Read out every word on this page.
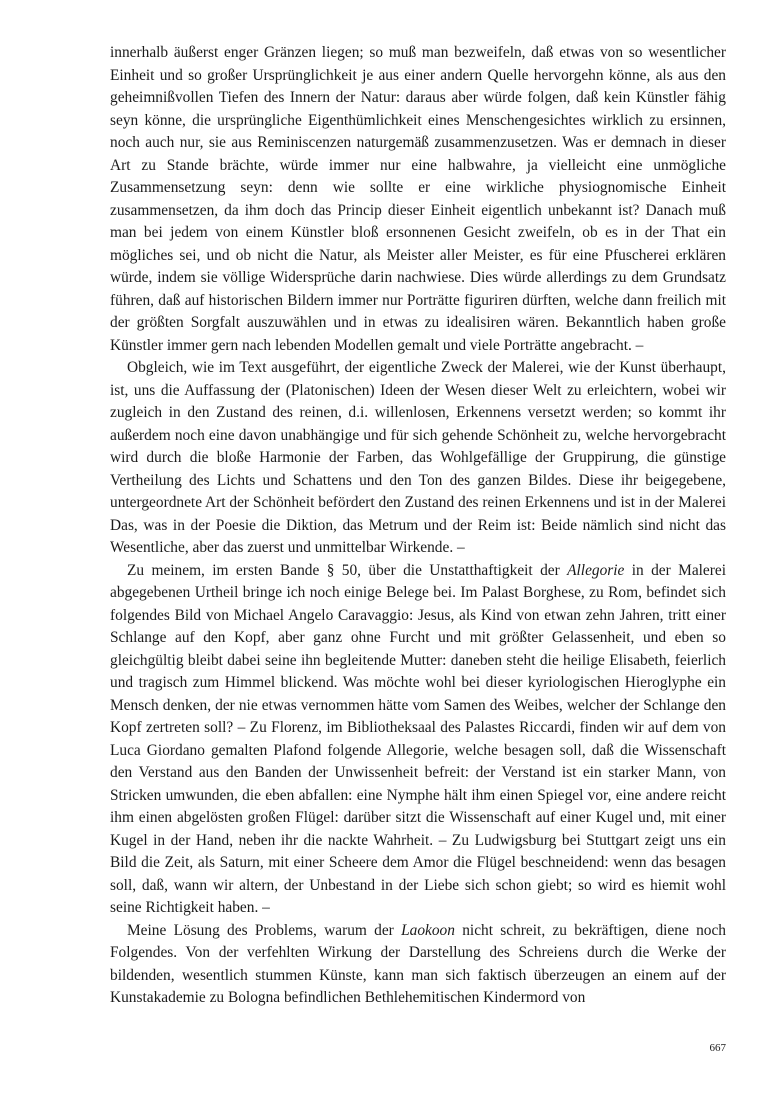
innerhalb äußerst enger Gränzen liegen; so muß man bezweifeln, daß etwas von so wesentlicher Einheit und so großer Ursprünglichkeit je aus einer andern Quelle hervorgehn könne, als aus den geheimnißvollen Tiefen des Innern der Natur: daraus aber würde folgen, daß kein Künstler fähig seyn könne, die ursprüngliche Eigenthümlichkeit eines Menschengesichtes wirklich zu ersinnen, noch auch nur, sie aus Reminiscenzen naturgemäß zusammenzusetzen. Was er demnach in dieser Art zu Stande brächte, würde immer nur eine halbwahre, ja vielleicht eine unmögliche Zusammensetzung seyn: denn wie sollte er eine wirkliche physiognomische Einheit zusammensetzen, da ihm doch das Princip dieser Einheit eigentlich unbekannt ist? Danach muß man bei jedem von einem Künstler bloß ersonnenen Gesicht zweifeln, ob es in der That ein mögliches sei, und ob nicht die Natur, als Meister aller Meister, es für eine Pfuscherei erklären würde, indem sie völlige Widersprüche darin nachwiese. Dies würde allerdings zu dem Grundsatz führen, daß auf historischen Bildern immer nur Porträtte figuriren dürften, welche dann freilich mit der größten Sorgfalt auszuwählen und in etwas zu idealisiren wären. Bekanntlich haben große Künstler immer gern nach lebenden Modellen gemalt und viele Porträtte angebracht. –

Obgleich, wie im Text ausgeführt, der eigentliche Zweck der Malerei, wie der Kunst überhaupt, ist, uns die Auffassung der (Platonischen) Ideen der Wesen dieser Welt zu erleichtern, wobei wir zugleich in den Zustand des reinen, d.i. willenlosen, Erkennens versetzt werden; so kommt ihr außerdem noch eine davon unabhängige und für sich gehende Schönheit zu, welche hervorgebracht wird durch die bloße Harmonie der Farben, das Wohlgefällige der Gruppirung, die günstige Vertheilung des Lichts und Schattens und den Ton des ganzen Bildes. Diese ihr beigegebene, untergeordnete Art der Schönheit befördert den Zustand des reinen Erkennens und ist in der Malerei Das, was in der Poesie die Diktion, das Metrum und der Reim ist: Beide nämlich sind nicht das Wesentliche, aber das zuerst und unmittelbar Wirkende. –

Zu meinem, im ersten Bande § 50, über die Unstatthaftigkeit der Allegorie in der Malerei abgegebenen Urtheil bringe ich noch einige Belege bei. Im Palast Borghese, zu Rom, befindet sich folgendes Bild von Michael Angelo Caravaggio: Jesus, als Kind von etwan zehn Jahren, tritt einer Schlange auf den Kopf, aber ganz ohne Furcht und mit größter Gelassenheit, und eben so gleichgültig bleibt dabei seine ihn begleitende Mutter: daneben steht die heilige Elisabeth, feierlich und tragisch zum Himmel blickend. Was möchte wohl bei dieser kyriologischen Hieroglyphe ein Mensch denken, der nie etwas vernommen hätte vom Samen des Weibes, welcher der Schlange den Kopf zertreten soll? – Zu Florenz, im Bibliotheksaal des Palastes Riccardi, finden wir auf dem von Luca Giordano gemalten Plafond folgende Allegorie, welche besagen soll, daß die Wissenschaft den Verstand aus den Banden der Unwissenheit befreit: der Verstand ist ein starker Mann, von Stricken umwunden, die eben abfallen: eine Nymphe hält ihm einen Spiegel vor, eine andere reicht ihm einen abgelösten großen Flügel: darüber sitzt die Wissenschaft auf einer Kugel und, mit einer Kugel in der Hand, neben ihr die nackte Wahrheit. – Zu Ludwigsburg bei Stuttgart zeigt uns ein Bild die Zeit, als Saturn, mit einer Scheere dem Amor die Flügel beschneidend: wenn das besagen soll, daß, wann wir altern, der Unbestand in der Liebe sich schon giebt; so wird es hiemit wohl seine Richtigkeit haben. –

Meine Lösung des Problems, warum der Laokoon nicht schreit, zu bekräftigen, diene noch Folgendes. Von der verfehlten Wirkung der Darstellung des Schreiens durch die Werke der bildenden, wesentlich stummen Künste, kann man sich faktisch überzeugen an einem auf der Kunstakademie zu Bologna befindlichen Bethlehemitischen Kindermord von

667
